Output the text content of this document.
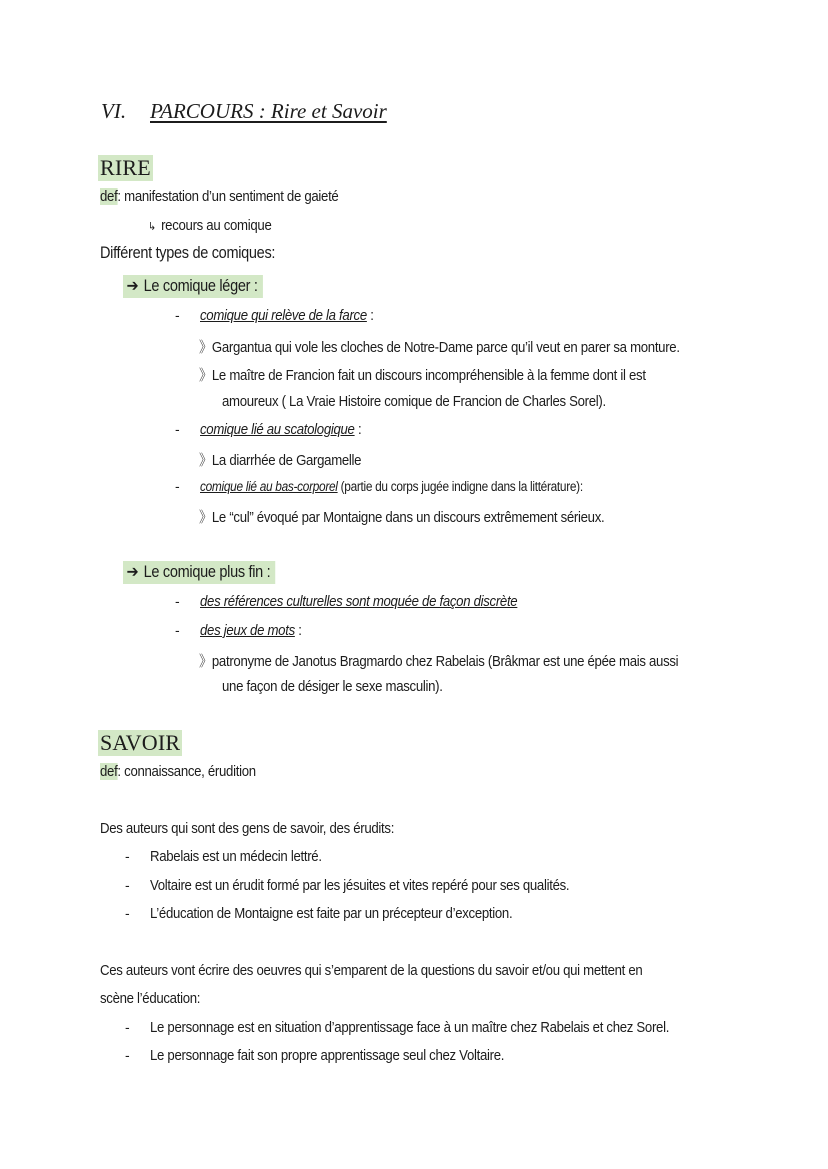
VI. PARCOURS : Rire et Savoir
RIRE
def: manifestation d’un sentiment de gaieté
↳ recours au comique
Différent types de comiques:
➔ Le comique léger :
- comique qui relève de la farce :
》Gargantua qui vole les cloches de Notre-Dame parce qu’il veut en parer sa monture.
》Le maître de Francion fait un discours incompréhensible à la femme dont il est
amoureux ( La Vraie Histoire comique de Francion de Charles Sorel).
- comique lié au scatologique :
》La diarrhée de Gargamelle
- comique lié au bas-corporel (partie du corps jugée indigne dans la littérature):
》Le “cul” évoqué par Montaigne dans un discours extrêmement sérieux.
➔ Le comique plus fin :
- des références culturelles sont moquée de façon discrète
- des jeux de mots :
》patronyme de Janotus Bragmardo chez Rabelais (Brâkmar est une épée mais aussi
une façon de désiger le sexe masculin).
SAVOIR
def: connaissance, érudition
Des auteurs qui sont des gens de savoir, des érudits:
- Rabelais est un médecin lettré.
- Voltaire est un érudit formé par les jésuites et vites repéré pour ses qualités.
- L’éducation de Montaigne est faite par un précepteur d’exception.
Ces auteurs vont écrire des oeuvres qui s’emparent de la questions du savoir et/ou qui mettent en
scène l’éducation:
- Le personnage est en situation d’apprentissage face à un maître chez Rabelais et chez Sorel.
- Le personnage fait son propre apprentissage seul chez Voltaire.
